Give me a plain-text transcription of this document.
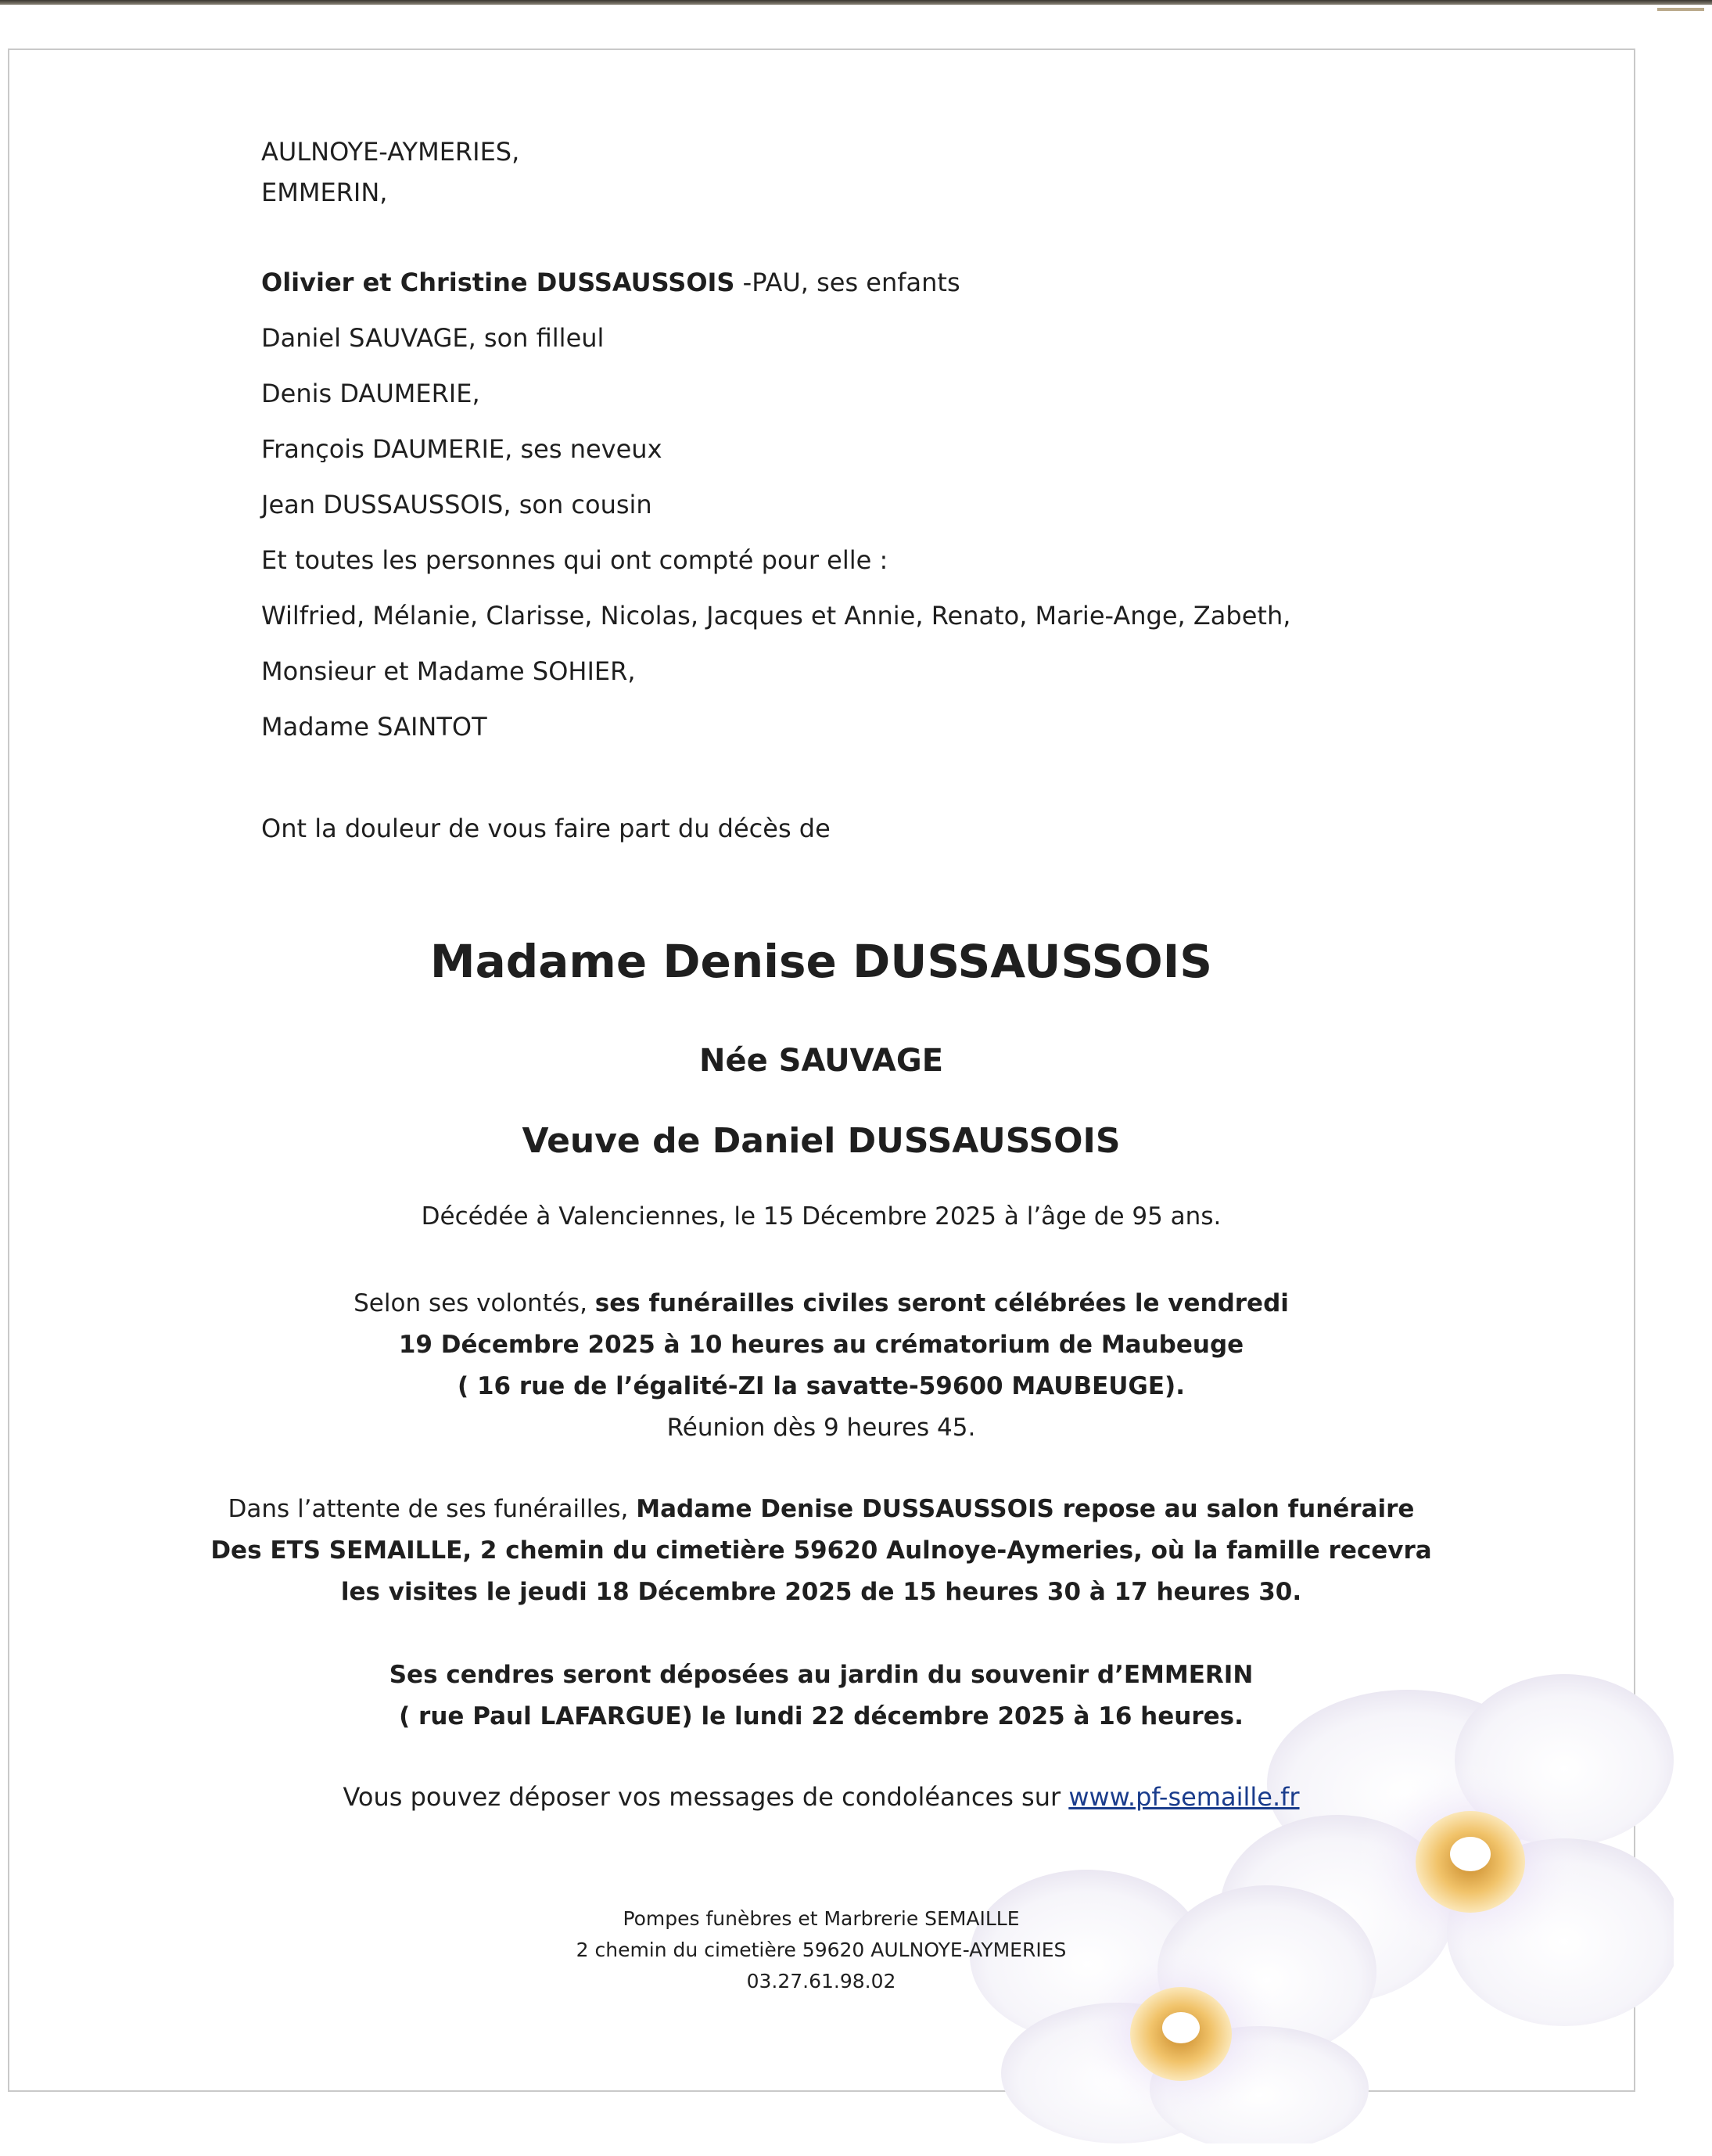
AULNOYE-AYMERIES,

EMMERIN,

Olivier et Christine DUSSAUSSOIS -PAU, ses enfants

Daniel SAUVAGE, son filleul

Denis DAUMERIE,

François DAUMERIE, ses neveux

Jean DUSSAUSSOIS, son cousin

Et toutes les personnes qui ont compté pour elle :

Wilfried, Mélanie, Clarisse, Nicolas, Jacques et Annie, Renato, Marie-Ange, Zabeth,

Monsieur et Madame SOHIER,

Madame SAINTOT

Ont la douleur de vous faire part du décès de

Madame Denise DUSSAUSSOIS

Née SAUVAGE

Veuve de Daniel DUSSAUSSOIS

Décédée à Valenciennes, le 15 Décembre 2025 à l’âge de 95 ans.

Selon ses volontés, ses funérailles civiles seront célébrées le vendredi

19 Décembre 2025 à 10 heures au crématorium de Maubeuge

( 16 rue de l’égalité-ZI la savatte-59600 MAUBEUGE).

Réunion dès 9 heures 45.

Dans l’attente de ses funérailles, Madame Denise DUSSAUSSOIS repose au salon funéraire

Des ETS SEMAILLE, 2 chemin du cimetière 59620 Aulnoye-Aymeries, où la famille recevra

les visites le jeudi 18 Décembre 2025 de 15 heures 30 à 17 heures 30.

Ses cendres seront déposées au jardin du souvenir d’EMMERIN

( rue Paul LAFARGUE) le lundi 22 décembre 2025 à 16 heures.

Vous pouvez déposer vos messages de condoléances sur www.pf-semaille.fr

Pompes funèbres et Marbrerie SEMAILLE

2 chemin du cimetière 59620 AULNOYE-AYMERIES

03.27.61.98.02
